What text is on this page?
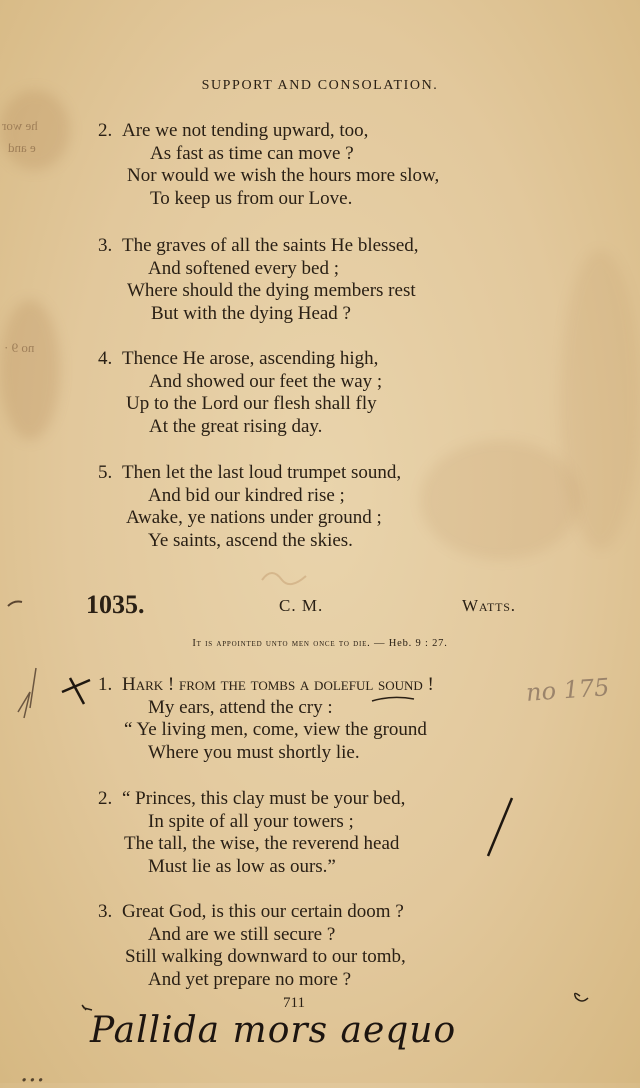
he wor
e and
no 9 ·
SUPPORT AND CONSOLATION.
2. Are we not tending upward, too,
As fast as time can move ?
Nor would we wish the hours more slow,
To keep us from our Love.
3. The graves of all the saints He blessed,
And softened every bed ;
Where should the dying members rest
But with the dying Head ?
4. Thence He arose, ascending high,
And showed our feet the way ;
Up to the Lord our flesh shall fly
At the great rising day.
5. Then let the last loud trumpet sound,
And bid our kindred rise ;
Awake, ye nations under ground ;
Ye saints, ascend the skies.
1035.	C. M.	Watts.
It is appointed unto men once to die. — Heb. 9 : 27.
1. Hark ! from the tombs a doleful sound !
My ears, attend the cry :
“ Ye living men, come, view the ground
Where you must shortly lie.
2. “ Princes, this clay must be your bed,
In spite of all your towers ;
The tall, the wise, the reverend head
Must lie as low as ours.”
3. Great God, is this our certain doom ?
And are we still secure ?
Still walking downward to our tomb,
And yet prepare no more ?
711
no 175
Pallida mors aequo
...
